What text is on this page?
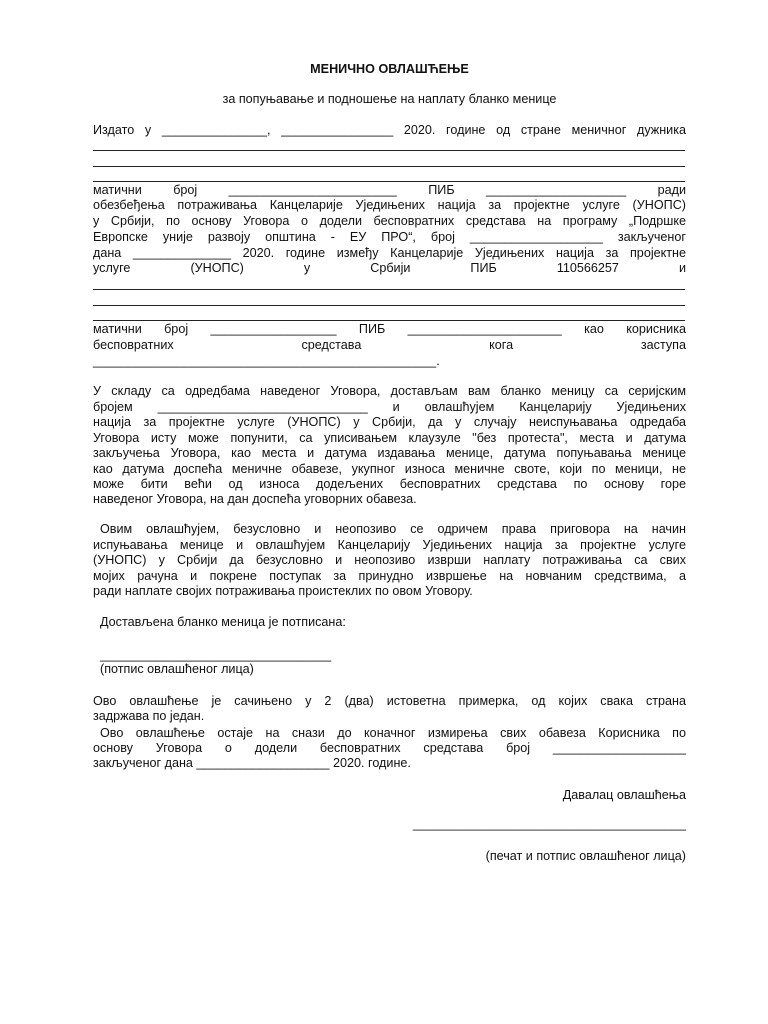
МЕНИЧНО ОВЛАШЋЕЊЕ
за попуњавање и подношење на наплату бланко менице
Издато у _______________, ________________ 2020. године од стране меничног дужника
матични   број   ________________________   ПИБ   ____________________   ради
обезбеђења потраживања Канцеларије Уједињених нација за пројектне услуге (УНОПС)
у Србији, по основу Уговора о додели бесповратних средстава на програму „Подршке
Европске уније развоју општина - ЕУ ПРО“, број ___________________ закљученог
дана ______________ 2020. године између Канцеларије Уједињених нација за пројектне
услуге        (УНОПС)        у        Србији        ПИБ        110566257        и
матични  број  __________________  ПИБ  ______________________  као  корисника
бесповратних             средстава             кога             заступа
_________________________________________________.
У складу са одредбама наведеног Уговора, достављам вам бланко меницу са серијским
бројем  ______________________________  и  овлашћујем  Канцеларију  Уједињених
нација за пројектне услуге (УНОПС) у Србији, да у случају неиспуњавања одредаба
Уговора исту може попунити, са уписивањем клаузуле "без протеста", места и датума
закључења Уговора, као места и датума издавања менице, датума попуњавања менице
као датума доспећа меничне обавезе, укупног износа меничне своте, који по меници, не
може  бити  већи  од  износа  додељених  бесповратних  средстава  по  основу  горе
наведеног Уговора, на дан доспећа уговорних обавеза.
Овим  овлашћујем,  безусловно  и  неопозиво  се  одричем  права  приговора  на  начин
испуњавања менице и овлашћујем Канцеларију Уједињених нација за пројектне услуге
(УНОПС) у Србији да безусловно и неопозиво изврши наплату потраживања са свих
мојих рачуна и покрене поступак за принудно извршење на новчаним средствима, а
ради наплате својих потраживања проистеклих по овом Уговору.
Достављена бланко меница је потписана:
_________________________________
(потпис овлашћеног лица)
Ово  овлашћење  је  сачињено  у  2  (два)  истоветна  примерка,  од  којих  свака  страна
задржава по један.
Ово овлашћење остаје на снази до коначног измирења свих обавеза Корисника по
основу   Уговора   о   додели   бесповратних   средстава   број   ___________________
закљученог дана ___________________ 2020. године.
Давалац овлашћења
_______________________________________
(печат и потпис овлашћеног лица)
